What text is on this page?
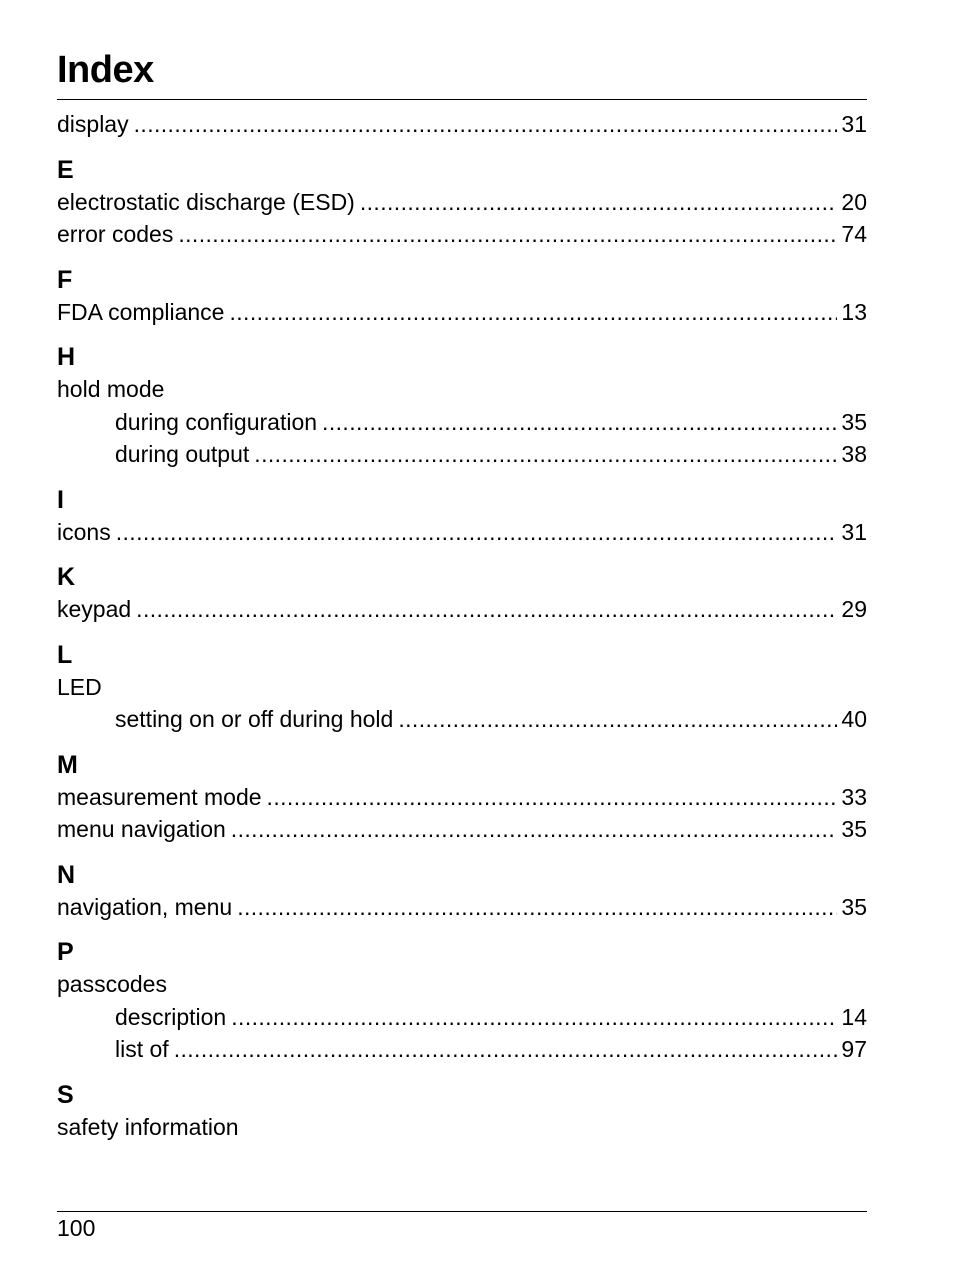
Index
display .....	31
E
electrostatic discharge (ESD) .....	20
error codes .....	74
F
FDA compliance .....	13
H
hold mode
during configuration .....	35
during output .....	38
I
icons .....	31
K
keypad .....	29
L
LED
setting on or off during hold .....	40
M
measurement mode .....	33
menu navigation .....	35
N
navigation, menu .....	35
P
passcodes
description .....	14
list of .....	97
S
safety information
100
